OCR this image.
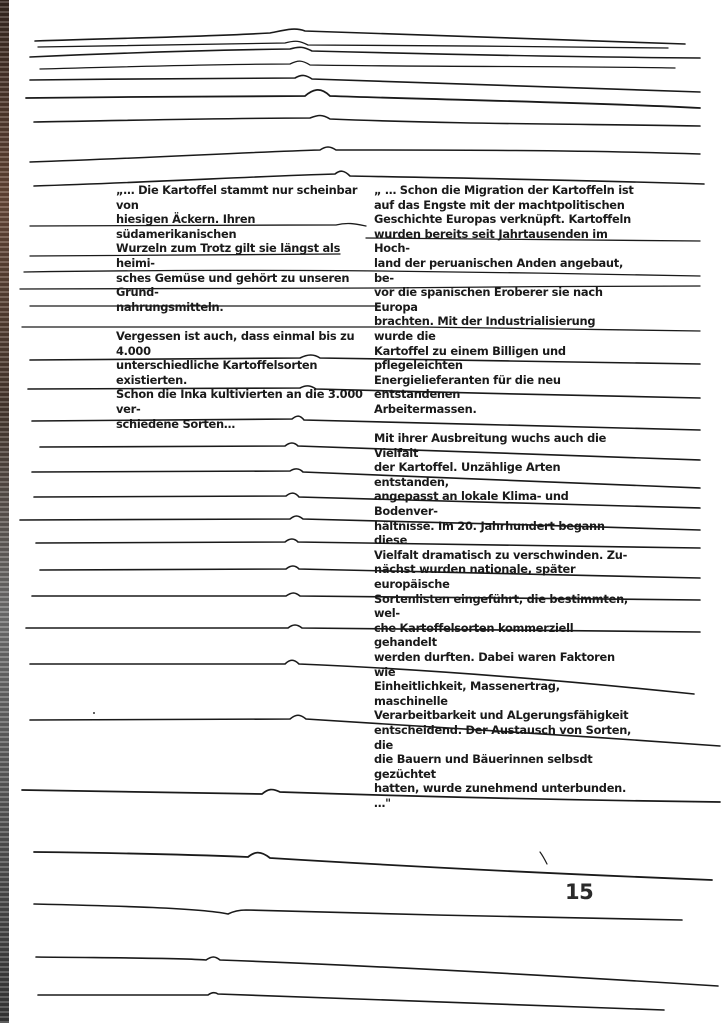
„… Die Kartoffel stammt nur scheinbar von
hiesigen Äckern. Ihren südamerikanischen
Wurzeln zum Trotz gilt sie längst als heimi-
sches Gemüse und gehört zu unseren Grund-
nahrungsmitteln.

Vergessen ist auch, dass einmal bis zu 4.000
unterschiedliche Kartoffelsorten existierten.
Schon die Inka kultivierten an die 3.000 ver-
schiedene Sorten…

„ … Schon die Migration der Kartoffeln ist
auf das Engste mit der machtpolitischen
Geschichte Europas verknüpft. Kartoffeln
wurden bereits seit Jahrtausenden im Hoch-
land der peruanischen Anden angebaut, be-
vor die spanischen Eroberer sie nach Europa
brachten. Mit der Industrialisierung wurde die
Kartoffel zu einem Billigen und pflegeleichten
Energielieferanten für die neu entstandenen
Arbeitermassen.

Mit ihrer Ausbreitung wuchs auch die Vielfalt
der Kartoffel. Unzählige Arten entstanden,
angepasst an lokale Klima- und Bodenver-
hältnisse. Im 20. Jahrhundert begann diese
Vielfalt dramatisch zu verschwinden. Zu-
nächst wurden nationale, später europäische
Sortenlisten eingeführt, die bestimmten, wel-
che Kartoffelsorten kommerziell gehandelt
werden durften. Dabei waren Faktoren wie
Einheitlichkeit, Massenertrag, maschinelle
Verarbeitbarkeit und ALgerungsfähigkeit
entscheidend. Der Austausch von Sorten, die
die Bauern und Bäuerinnen selbsdt gezüchtet
hatten, wurde zunehmend unterbunden. …"

15
